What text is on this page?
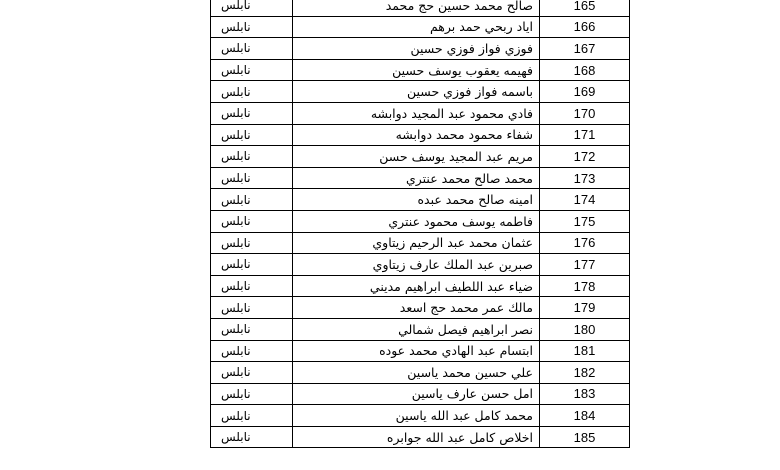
نابلس	صالح محمد حسين حج محمد	165
نابلس	اياد ربحي حمد برهم	166
نابلس	فوزي فواز فوزي حسين	167
نابلس	فهيمه يعقوب يوسف حسين	168
نابلس	باسمه فواز فوزي حسين	169
نابلس	فادي محمود عبد المجيد دوابشه	170
نابلس	شفاء محمود محمد دوابشه	171
نابلس	مريم عبد المجيد يوسف حسن	172
نابلس	محمد صالح محمد عنتري	173
نابلس	امينه صالح محمد عبده	174
نابلس	فاطمه يوسف محمود عنتري	175
نابلس	عثمان محمد عبد الرحيم زيتاوي	176
نابلس	صبرين عبد الملك عارف زيتاوي	177
نابلس	ضياء عبد اللطيف ابراهيم مديني	178
نابلس	مالك عمر محمد حج اسعد	179
نابلس	نصر ابراهيم فيصل شمالي	180
نابلس	ابتسام عبد الهادي محمد عوده	181
نابلس	علي حسين محمد ياسين	182
نابلس	امل حسن عارف ياسين	183
نابلس	محمد كامل عبد الله ياسين	184
نابلس	اخلاص كامل عبد الله جوابره	185
